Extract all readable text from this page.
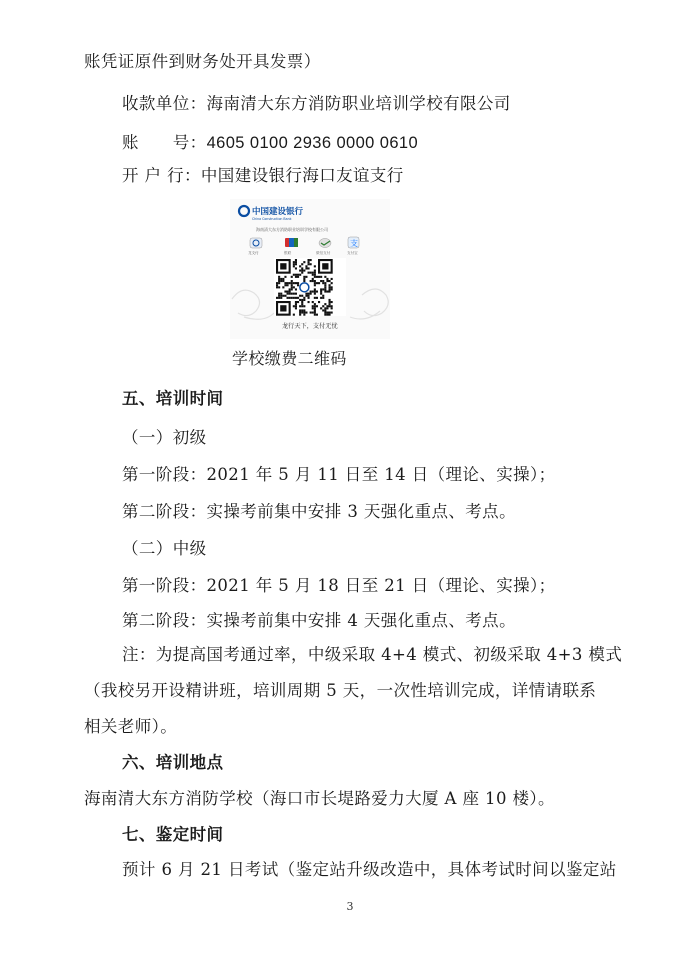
账凭证原件到财务处开具发票）
收款单位：海南清大东方消防职业培训学校有限公司
账      号：4605 0100 2936 0000 0610
开 户 行：中国建设银行海口友谊支行
中国建设银行
China Construction Bank
海南清大东方消防职业培训学校有限公司
支
龙支付	银联	微信支付	支付宝
龙行天下，支付无忧
学校缴费二维码
五、培训时间
（一）初级
第一阶段：2021 年 5 月 11 日至 14 日（理论、实操）；
第二阶段：实操考前集中安排 3 天强化重点、考点。
（二）中级
第一阶段：2021 年 5 月 18 日至 21 日（理论、实操）；
第二阶段：实操考前集中安排 4 天强化重点、考点。
注：为提高国考通过率，中级采取 4+4 模式、初级采取 4+3 模式
（我校另开设精讲班，培训周期 5 天，一次性培训完成，详情请联系
相关老师）。
六、培训地点
海南清大东方消防学校（海口市长堤路爱力大厦 A 座 10 楼）。
七、鉴定时间
预计 6 月 21 日考试（鉴定站升级改造中，具体考试时间以鉴定站
3
